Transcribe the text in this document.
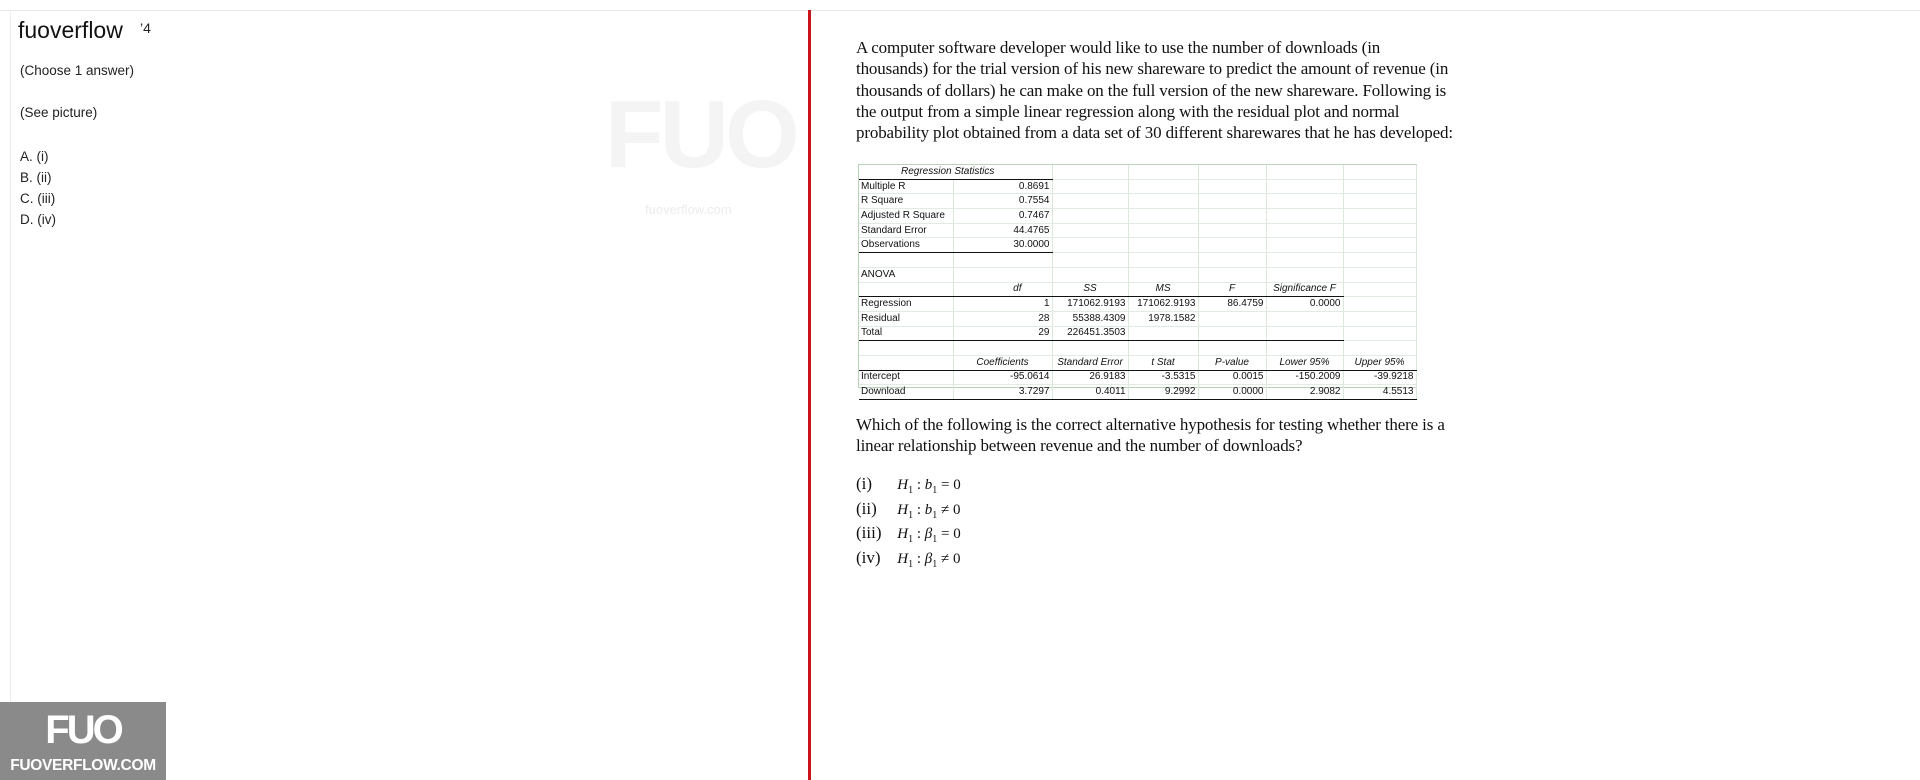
fuoverflow ’4
(Choose 1 answer)
(See picture)
A. (i)
B. (ii)
C. (iii)
D. (iv)
FUO
fuoverflow.com
FUO
FUOVERFLOW.COM
A computer software developer would like to use the number of downloads (in thousands) for the trial version of his new shareware to predict the amount of revenue (in thousands of dollars) he can make on the full version of the new shareware. Following is the output from a simple linear regression along with the residual plot and normal probability plot obtained from a data set of 30 different sharewares that he has developed:
Regression Statistics						
Multiple R	0.8691					
R Square	0.7554					
Adjusted R Square	0.7467					
Standard Error	44.4765					
Observations	30.0000					

ANOVA						
	df	SS	MS	F	Significance F	
Regression	1	171062.9193	171062.9193	86.4759	0.0000	
Residual	28	55388.4309	1978.1582			
Total	29	226451.3503				

	Coefficients	Standard Error	t Stat	P-value	Lower 95%	Upper 95%
Intercept	-95.0614	26.9183	-3.5315	0.0015	-150.2009	-39.9218
Download	3.7297	0.4011	9.2992	0.0000	2.9082	4.5513
Which of the following is the correct alternative hypothesis for testing whether there is a linear relationship between revenue and the number of downloads?
(i) $H_1$ : $b_1 = 0$
(ii) $H_1$ : $b_1 \ne 0$
(iii) $H_1$ : $\beta_1 = 0$
(iv) $H_1$ : $\beta_1 \ne 0$
